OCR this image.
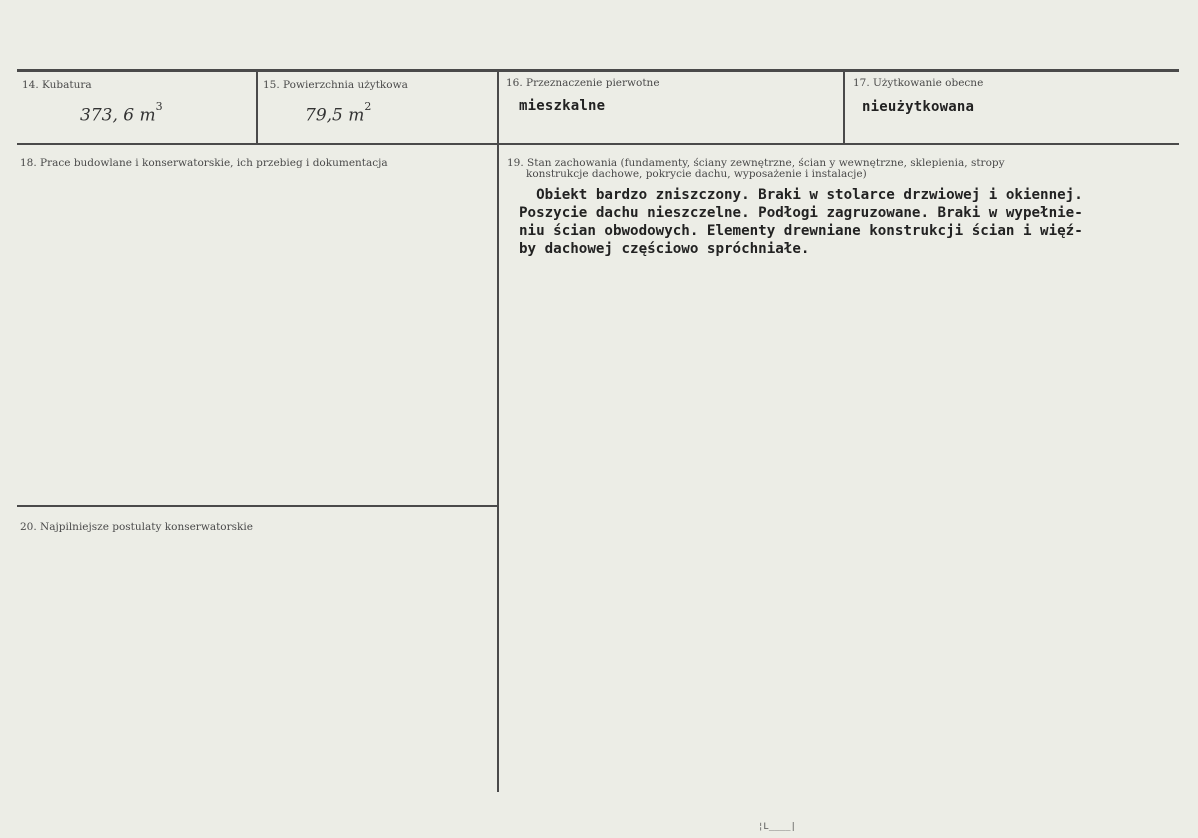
14. Kubatura
373, 6 $m^3$
15. Powierzchnia użytkowa
79,5 $m^2$
16. Przeznaczenie pierwotne
mieszkalne
17. Użytkowanie obecne
nieużytkowana
18. Prace budowlane i konserwatorskie, ich przebieg i dokumentacja	19. Stan zachowania (fundamenty, ściany zewnętrzne, ścian y wewnętrzne, sklepienia, stropy
konstrukcje dachowe, pokrycie dachu, wyposażenie i instalacje)
Obiekt bardzo zniszczony. Braki w stolarce drzwiowej i okiennej.
Poszycie dachu nieszczelne. Podłogi zagruzowane. Braki w wypełnie-
niu ścian obwodowych. Elementy drewniane konstrukcji ścian i więź-
by dachowej częściowo spróchniałe.
20. Najpilniejsze postulaty konserwatorskie
¦L____|
